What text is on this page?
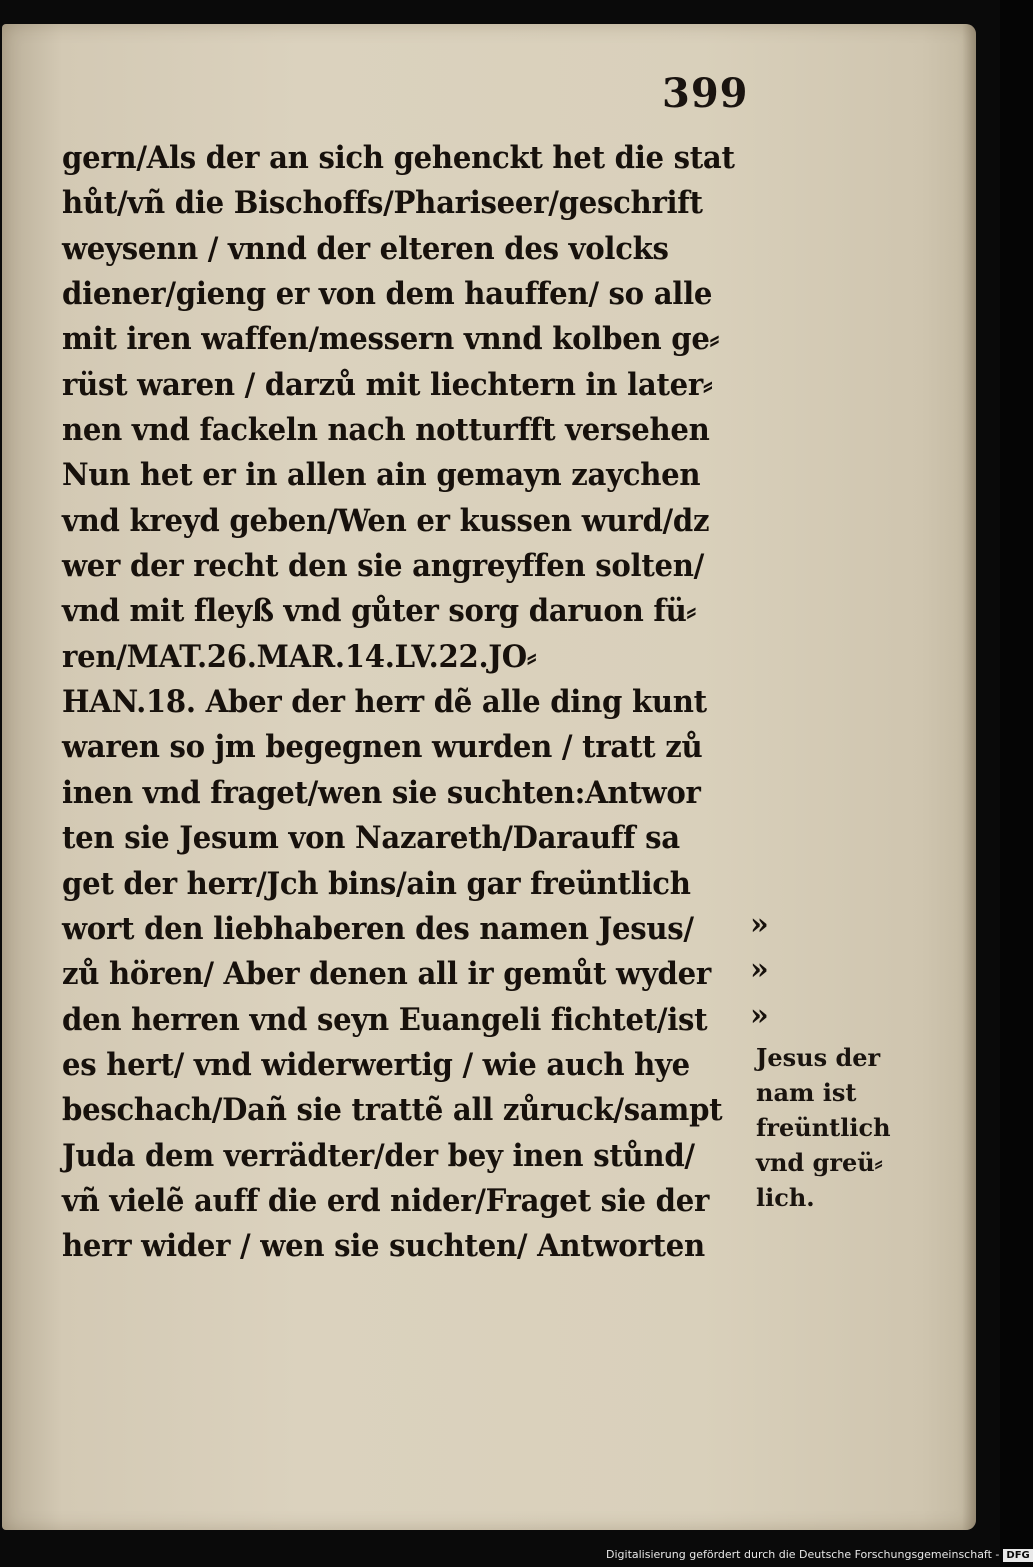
399
gern/Als der an sich gehenckt het die stat
hůt/vñ die Bischoffs/Phariseer/geschrift
weysenn / vnnd der elteren des volcks
diener/gieng er von dem hauffen/ so alle
mit iren waffen/messern vnnd kolben ge⸗
rüst waren / darzů mit liechtern in later⸗
nen vnd fackeln nach notturfft versehen
Nun het er in allen ain gemayn zaychen
vnd kreyd geben/Wen er kussen wurd/dz
wer der recht den sie angreyffen solten/
vnd mit fleyß vnd gůter sorg daruon fü⸗
ren/MAT.26.MAR.14.LV.22.JO⸗
HAN.18. Aber der herr dẽ alle ding kunt
waren so jm begegnen wurden / tratt zů
inen vnd fraget/wen sie suchten:Antwor
ten sie Jesum von Nazareth/Darauff sa
get der herr/Jch bins/ain gar freüntlich
wort den liebhaberen des namen Jesus/	»
zů hören/ Aber denen all ir gemůt wyder	»
den herren vnd seyn Euangeli fichtet/ist	»
es hert/ vnd widerwertig / wie auch hye
beschach/Dañ sie trattẽ all zůruck/sampt
Juda dem verrädter/der bey inen stůnd/
vñ vielẽ auff die erd nider/Fraget sie der
herr wider / wen sie suchten/ Antworten
Jesus der
nam ist
freüntlich
vnd greü⸗
lich.
Digitalisierung gefördert durch die Deutsche Forschungsgemeinschaft - DFG
